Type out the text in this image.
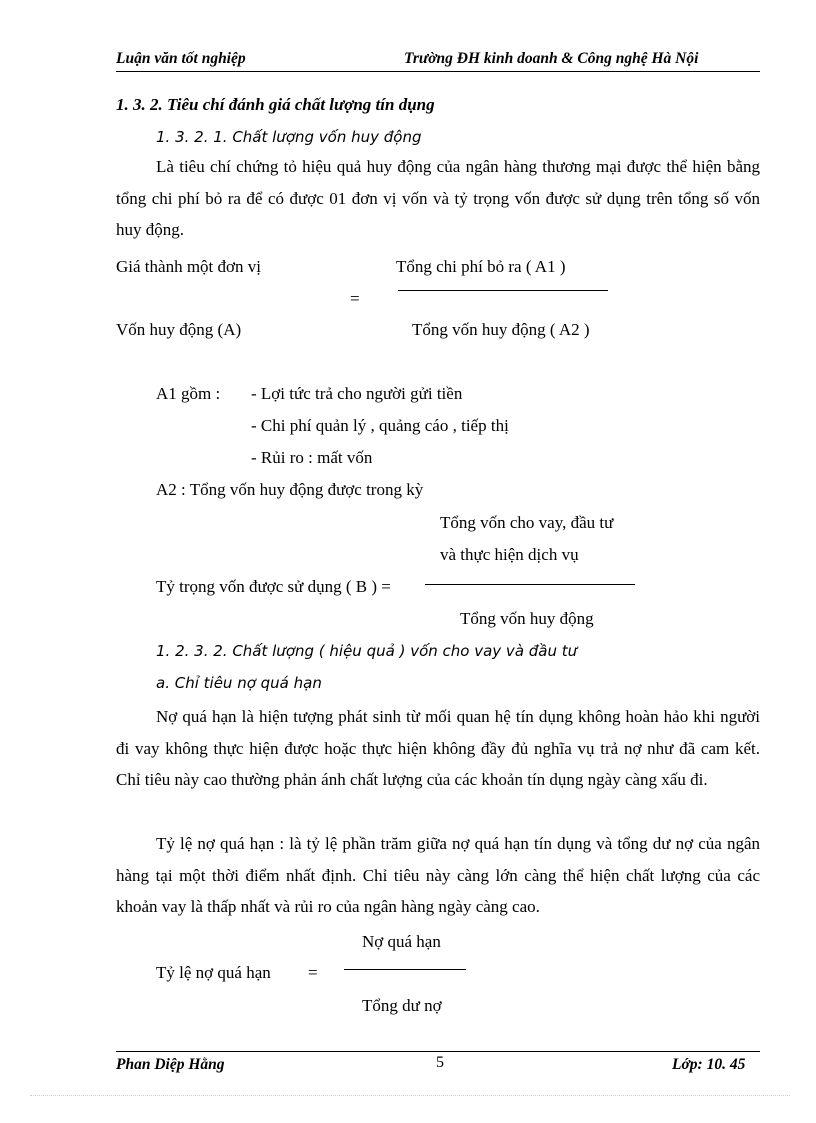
Luận văn tốt nghiệp	Trường ĐH kinh doanh & Công nghệ Hà Nội
1. 3. 2. Tiêu chí đánh giá chất lượng tín dụng
1. 3. 2. 1. Chất lượng vốn huy động
Là tiêu chí chứng tỏ hiệu quả huy động của ngân hàng thương mại được thể hiện bằng tổng chi phí bỏ ra để có được 01 đơn vị vốn và tỷ trọng vốn được sử dụng trên tổng số vốn huy động.
Giá thành một đơn vị	Tổng chi phí bỏ ra ( A1 )
=
Vốn huy động (A)	Tổng vốn huy động ( A2 )
A1 gồm : - Lợi tức trả cho người gửi tiền
- Chi phí quản lý , quảng cáo , tiếp thị
- Rủi ro : mất vốn
A2 : Tổng vốn huy động được trong kỳ
Tổng vốn cho vay, đầu tư
và thực hiện dịch vụ
Tỷ trọng vốn được sử dụng ( B ) =
Tổng vốn huy động
1. 2. 3. 2. Chất lượng ( hiệu quả ) vốn cho vay và đầu tư
a. Chỉ tiêu nợ quá hạn
Nợ quá hạn là hiện tượng phát sinh từ mối quan hệ tín dụng không hoàn hảo khi người đi vay không thực hiện được hoặc thực hiện không đầy đủ nghĩa vụ trả nợ như đã cam kết. Chỉ tiêu này cao thường phản ánh chất lượng của các khoản tín dụng ngày càng xấu đi.
Tỷ lệ nợ quá hạn : là tỷ lệ phần trăm giữa nợ quá hạn tín dụng và tổng dư nợ của ngân hàng tại một thời điểm nhất định. Chỉ tiêu này càng lớn càng thể hiện chất lượng của các khoản vay là thấp nhất và rủi ro của ngân hàng ngày càng cao.
Nợ quá hạn
Tỷ lệ nợ quá hạn =
Tổng dư nợ
Phan Diệp Hằng	5	Lớp: 10. 45
